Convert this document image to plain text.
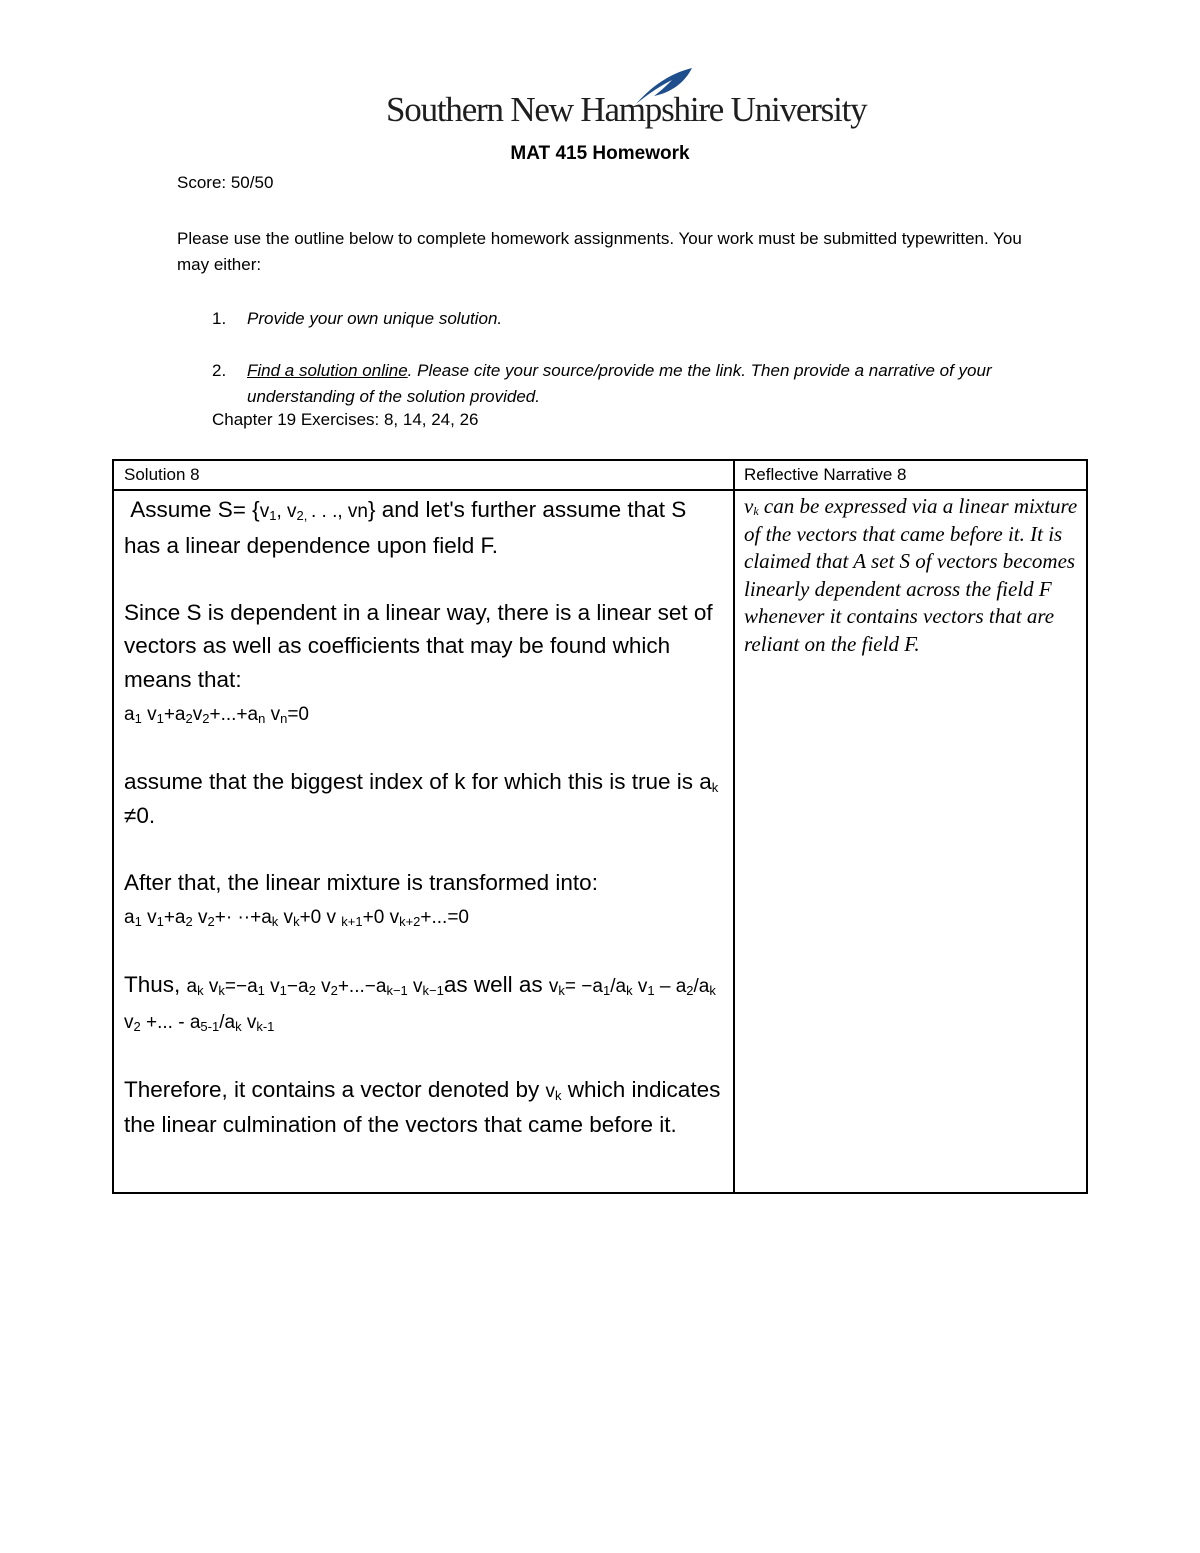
Southern New Hampshire University
MAT 415 Homework
Score: 50/50
Please use the outline below to complete homework assignments. Your work must be submitted typewritten. You may either:
1. Provide your own unique solution.
2. Find a solution online. Please cite your source/provide me the link. Then provide a narrative of your understanding of the solution provided.
Chapter 19 Exercises: 8, 14, 24, 26
Solution 8	Reflective Narrative 8

Assume $S= \{v_1$, $v_{2,}$ . . ., vn} and let's further assume that S has a linear dependence upon field F.

Since S is dependent in a linear way, there is a linear set of vectors as well as coefficients that may be found which means that:

$a_1$ $v_1+a_2v_2+...+a_n$ $v_n=0$

assume that the biggest index of k for which this is true is $a_k \ne 0$.

After that, the linear mixture is transformed into:

$a_1$ $v_1+a_2$ $v_2+\cdot \cdot\cdot+a_k$ $v_k+0$ v $_{k+1}$+0 $v_{k+2}+...=0$

Thus, $a_k$ $v_k=-a_1$ $v_1-a_2$ $v_2+...-a_{k-1}$ $v_{k-1}as$ well as $v_k= -a_1/a_k$ $v_1 - a_2/a_k$ $v_2$ +... - $a_{5-1}/a_k$ $v_{k-1}$

Therefore, it contains a vector denoted by $v_k$ which indicates the linear culmination of the vectors that came before it.

$v_k$ can be expressed via a linear mixture of the vectors that came before it. It is claimed that A set S of vectors becomes linearly dependent across the field F whenever it contains vectors that are reliant on the field F.
